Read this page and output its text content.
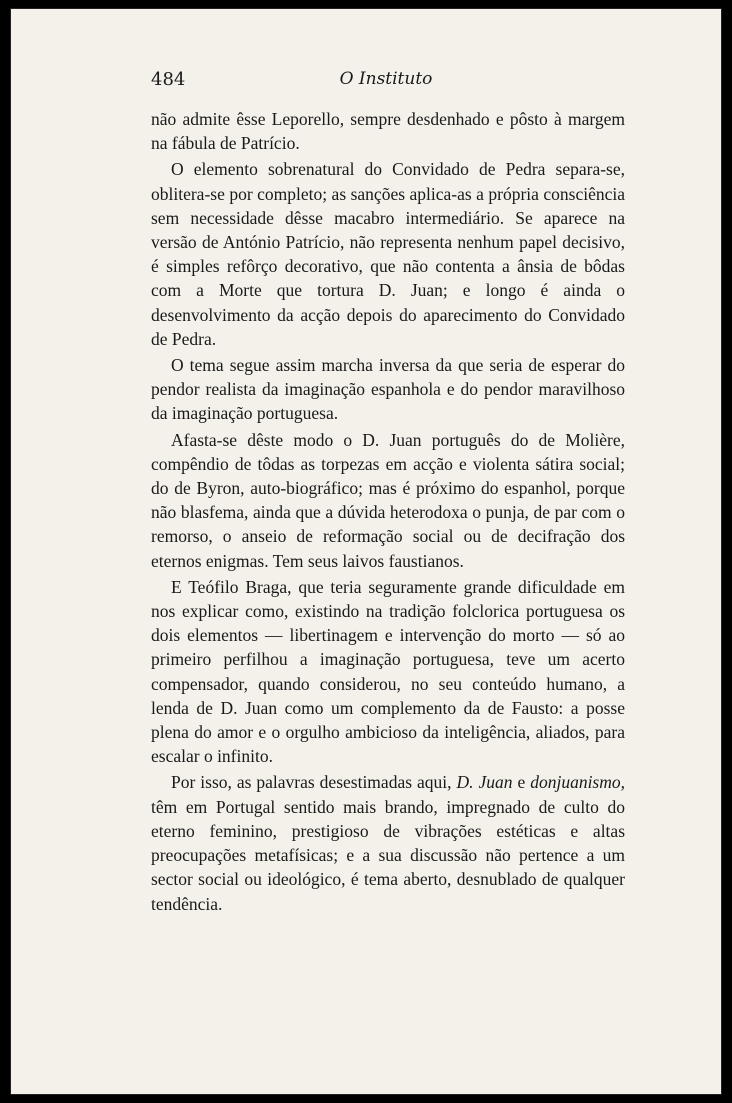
484	O Instituto

não admite êsse Leporello, sempre desdenhado e pôsto à margem na fábula de Patrício.

O elemento sobrenatural do Convidado de Pedra separa-se, oblitera-se por completo; as sanções aplica-as a própria consciência sem necessidade dêsse macabro intermediário. Se aparece na versão de António Patrício, não representa nenhum papel decisivo, é simples refôrço decorativo, que não contenta a ânsia de bôdas com a Morte que tortura D. Juan; e longo é ainda o desenvolvimento da acção depois do aparecimento do Convidado de Pedra.

O tema segue assim marcha inversa da que seria de esperar do pendor realista da imaginação espanhola e do pendor maravilhoso da imaginação portuguesa.

Afasta-se dêste modo o D. Juan português do de Molière, compêndio de tôdas as torpezas em acção e violenta sátira social; do de Byron, auto-biográfico; mas é próximo do espanhol, porque não blasfema, ainda que a dúvida heterodoxa o punja, de par com o remorso, o anseio de reformação social ou de decifração dos eternos enigmas. Tem seus laivos faustianos.

E Teófilo Braga, que teria seguramente grande dificuldade em nos explicar como, existindo na tradição folclorica portuguesa os dois elementos — libertinagem e intervenção do morto — só ao primeiro perfilhou a imaginação portuguesa, teve um acerto compensador, quando considerou, no seu conteúdo humano, a lenda de D. Juan como um complemento da de Fausto: a posse plena do amor e o orgulho ambicioso da inteligência, aliados, para escalar o infinito.

Por isso, as palavras desestimadas aqui, D. Juan e donjuanismo, têm em Portugal sentido mais brando, impregnado de culto do eterno feminino, prestigioso de vibrações estéticas e altas preocupações metafísicas; e a sua discussão não pertence a um sector social ou ideológico, é tema aberto, desnublado de qualquer tendência.
